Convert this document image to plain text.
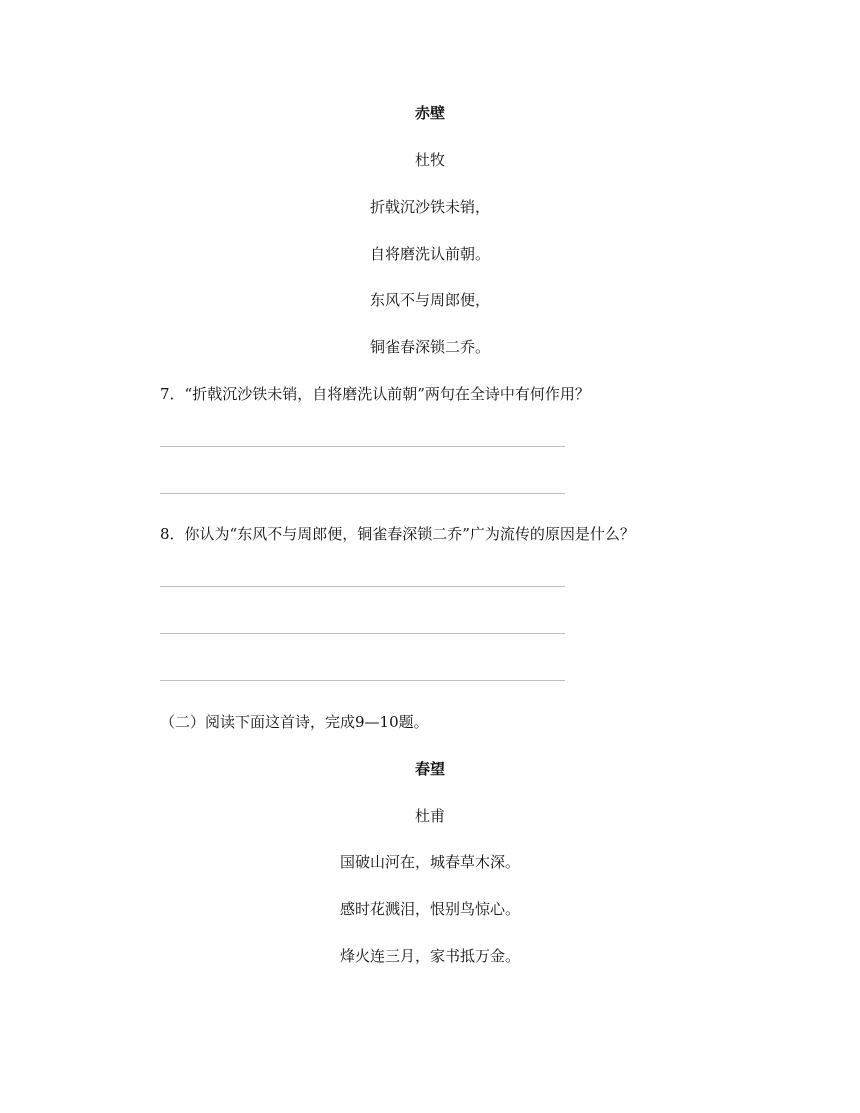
赤壁
杜牧
折戟沉沙铁未销，
自将磨洗认前朝。
东风不与周郎便，
铜雀春深锁二乔。
7．“折戟沉沙铁未销，自将磨洗认前朝”两句在全诗中有何作用？
8．你认为“东风不与周郎便，铜雀春深锁二乔”广为流传的原因是什么？
（二）阅读下面这首诗，完成9—10题。
春望
杜甫
国破山河在，城春草木深。
感时花溅泪，恨别鸟惊心。
烽火连三月，家书抵万金。
